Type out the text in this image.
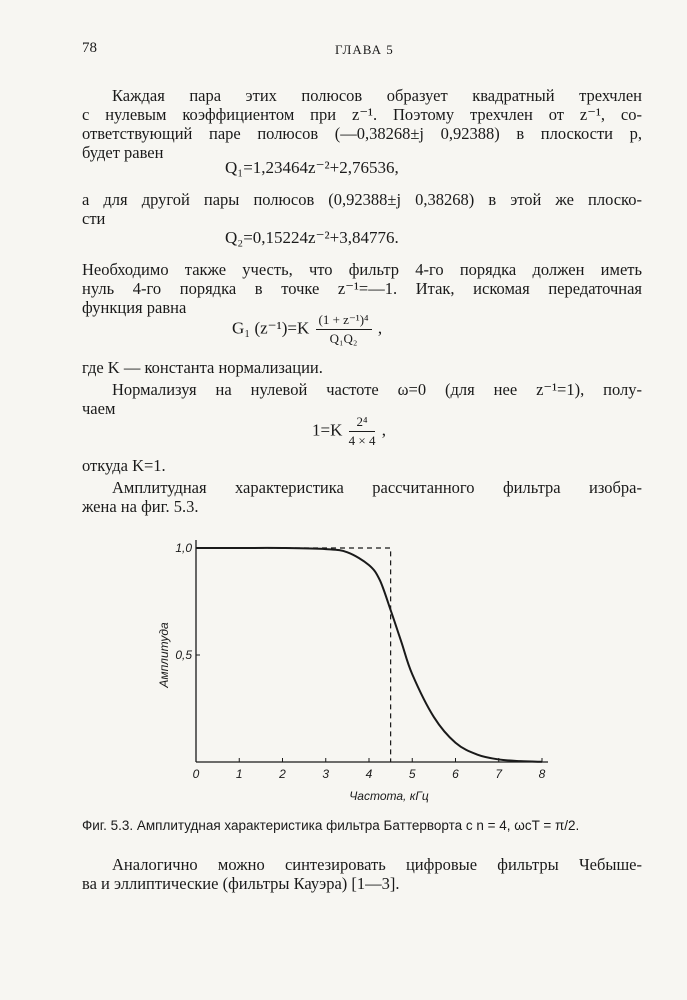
78	ГЛАВА 5
Каждая пара этих полюсов образует квадратный трехчлен
с нулевым коэффициентом при z⁻¹. Поэтому трехчлен от z⁻¹, со-
ответствующий паре полюсов (—0,38268±j 0,92388) в плоскости p,
будет равен
Q₁=1,23464z⁻²+2,76536,
а для другой пары полюсов (0,92388±j 0,38268) в этой же плоско-
сти
Q₂=0,15224z⁻²+3,84776.
Необходимо также учесть, что фильтр 4-го порядка должен иметь
нуль 4-го порядка в точке z⁻¹=—1. Итак, искомая передаточная
функция равна
G₁ $(z^{-1})=K \frac{\text{(1 + z⁻¹)⁴}}{\text{Q₁Q₂}}$ ,
где K — константа нормализации.
Нормализуя на нулевой частоте ω=0 (для нее z⁻¹=1), полу-
чаем
$1=K \frac{\text{2⁴}}{4 \times 4}$ ,
откуда K=1.
Амплитудная характеристика рассчитанного фильтра изобра-
жена на фиг. 5.3.
0	1	2	3	4	5	6	7	8
0,5
1,0
Частота, кГц
Амплитуда
Фиг. 5.3. Амплитудная характеристика фильтра Баттерворта с n = 4, ωcT = π/2.
Аналогично можно синтезировать цифровые фильтры Чебыше-
ва и эллиптические (фильтры Кауэра) [1—3].
